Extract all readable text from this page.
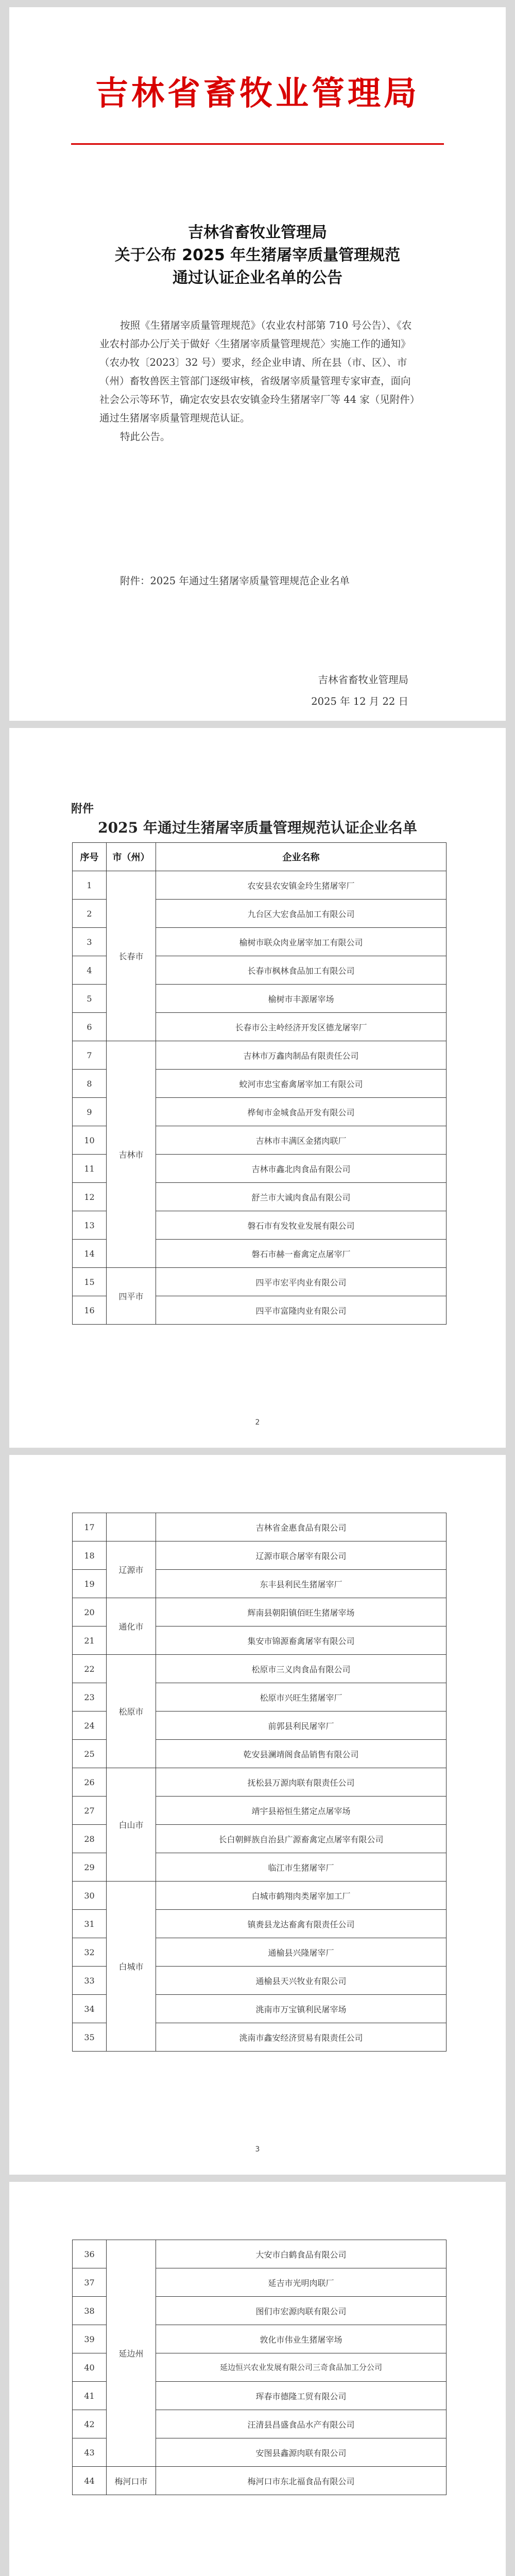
吉林省畜牧业管理局
吉林省畜牧业管理局
关于公布 2025 年生猪屠宰质量管理规范
通过认证企业名单的公告

按照《生猪屠宰质量管理规范》（农业农村部第 710 号公告）、《农业农村部办公厅关于做好〈生猪屠宰质量管理规范〉实施工作的通知》（农办牧〔2023〕32 号）要求，经企业申请、所在县（市、区）、市（州）畜牧兽医主管部门逐级审核，省级屠宰质量管理专家审查，面向社会公示等环节，确定农安县农安镇金玲生猪屠宰厂等 44 家（见附件）通过生猪屠宰质量管理规范认证。

特此公告。

附件：2025 年通过生猪屠宰质量管理规范企业名单
吉林省畜牧业管理局
2025 年 12 月 22 日
附件
2025 年通过生猪屠宰质量管理规范认证企业名单
序号	市（州）	企业名称
1	长春市	农安县农安镇金玲生猪屠宰厂
2		九台区大宏食品加工有限公司
3		榆树市联众肉业屠宰加工有限公司
4		长春市枫林食品加工有限公司
5		榆树市丰源屠宰场
6		长春市公主岭经济开发区德龙屠宰厂
7	吉林市	吉林市万鑫肉制品有限责任公司
8		蛟河市忠宝畜禽屠宰加工有限公司
9		桦甸市金城食品开发有限公司
10		吉林市丰满区金猪肉联厂
11		吉林市鑫北肉食品有限公司
12		舒兰市大诚肉食品有限公司
13		磐石市有发牧业发展有限公司
14		磐石市赫一畜禽定点屠宰厂
15	四平市	四平市宏平肉业有限公司
16		四平市富隆肉业有限公司
2
17		吉林省金惠食品有限公司
18	辽源市	辽源市联合屠宰有限公司
19		东丰县利民生猪屠宰厂
20	通化市	辉南县朝阳镇佰旺生猪屠宰场
21		集安市锦源畜禽屠宰有限公司
22	松原市	松原市三义肉食品有限公司
23		松原市兴旺生猪屠宰厂
24		前郭县利民屠宰厂
25		乾安县澜靖阁食品销售有限公司
26	白山市	抚松县万源肉联有限责任公司
27		靖宇县裕恒生猪定点屠宰场
28		长白朝鲜族自治县广源畜禽定点屠宰有限公司
29		临江市生猪屠宰厂
30	白城市	白城市鹤翔肉类屠宰加工厂
31		镇赉县龙达畜禽有限责任公司
32		通榆县兴隆屠宰厂
33		通榆县天兴牧业有限公司
34		洮南市万宝镇利民屠宰场
35		洮南市鑫安经济贸易有限责任公司
3
36	延边州	大安市白鹤食品有限公司
37		延吉市光明肉联厂
38		图们市宏源肉联有限公司
39		敦化市伟业生猪屠宰场
40		延边恒兴农业发展有限公司三奇食品加工分公司
41		珲春市德隆工贸有限公司
42		汪清县昌盛食品水产有限公司
43		安图县鑫源肉联有限公司
44	梅河口市	梅河口市东北福食品有限公司
